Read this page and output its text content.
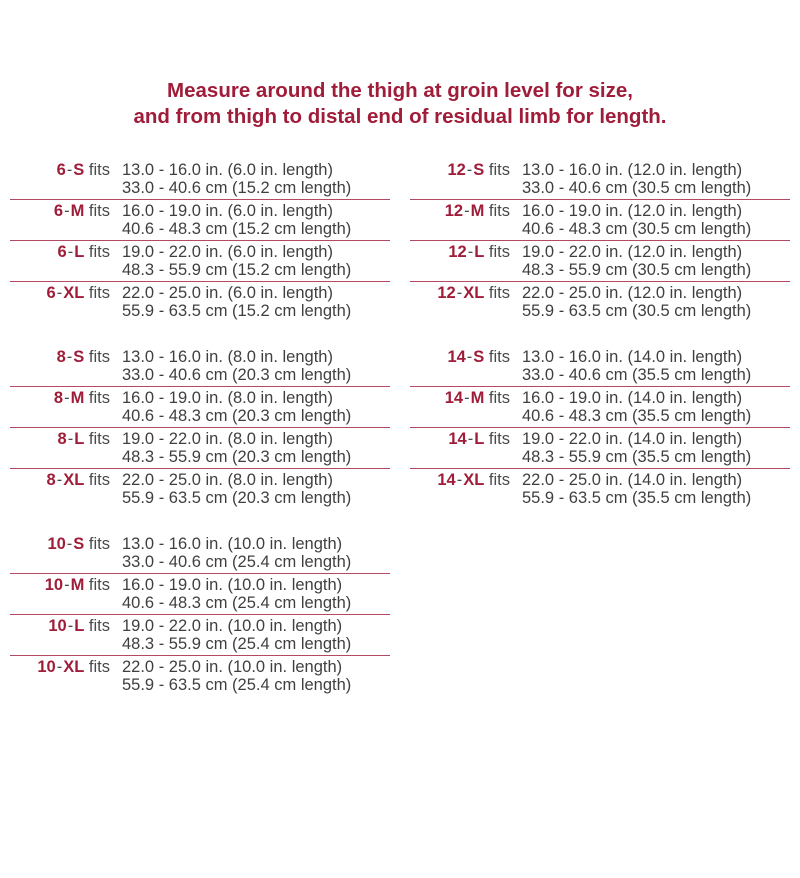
Measure around the thigh at groin level for size,
and from thigh to distal end of residual limb for length.
6-S fits 13.0 - 16.0 in. (6.0 in. length)
33.0 - 40.6 cm (15.2 cm length)
6-M fits 16.0 - 19.0 in. (6.0 in. length)
40.6 - 48.3 cm (15.2 cm length)
6-L fits 19.0 - 22.0 in. (6.0 in. length)
48.3 - 55.9 cm (15.2 cm length)
6-XL fits 22.0 - 25.0 in. (6.0 in. length)
55.9 - 63.5 cm (15.2 cm length)
8-S fits 13.0 - 16.0 in. (8.0 in. length)
33.0 - 40.6 cm (20.3 cm length)
8-M fits 16.0 - 19.0 in. (8.0 in. length)
40.6 - 48.3 cm (20.3 cm length)
8-L fits 19.0 - 22.0 in. (8.0 in. length)
48.3 - 55.9 cm (20.3 cm length)
8-XL fits 22.0 - 25.0 in. (8.0 in. length)
55.9 - 63.5 cm (20.3 cm length)
10-S fits 13.0 - 16.0 in. (10.0 in. length)
33.0 - 40.6 cm (25.4 cm length)
10-M fits 16.0 - 19.0 in. (10.0 in. length)
40.6 - 48.3 cm (25.4 cm length)
10-L fits 19.0 - 22.0 in. (10.0 in. length)
48.3 - 55.9 cm (25.4 cm length)
10-XL fits 22.0 - 25.0 in. (10.0 in. length)
55.9 - 63.5 cm (25.4 cm length)
12-S fits 13.0 - 16.0 in. (12.0 in. length)
33.0 - 40.6 cm (30.5 cm length)
12-M fits 16.0 - 19.0 in. (12.0 in. length)
40.6 - 48.3 cm (30.5 cm length)
12-L fits 19.0 - 22.0 in. (12.0 in. length)
48.3 - 55.9 cm (30.5 cm length)
12-XL fits 22.0 - 25.0 in. (12.0 in. length)
55.9 - 63.5 cm (30.5 cm length)
14-S fits 13.0 - 16.0 in. (14.0 in. length)
33.0 - 40.6 cm (35.5 cm length)
14-M fits 16.0 - 19.0 in. (14.0 in. length)
40.6 - 48.3 cm (35.5 cm length)
14-L fits 19.0 - 22.0 in. (14.0 in. length)
48.3 - 55.9 cm (35.5 cm length)
14-XL fits 22.0 - 25.0 in. (14.0 in. length)
55.9 - 63.5 cm (35.5 cm length)
